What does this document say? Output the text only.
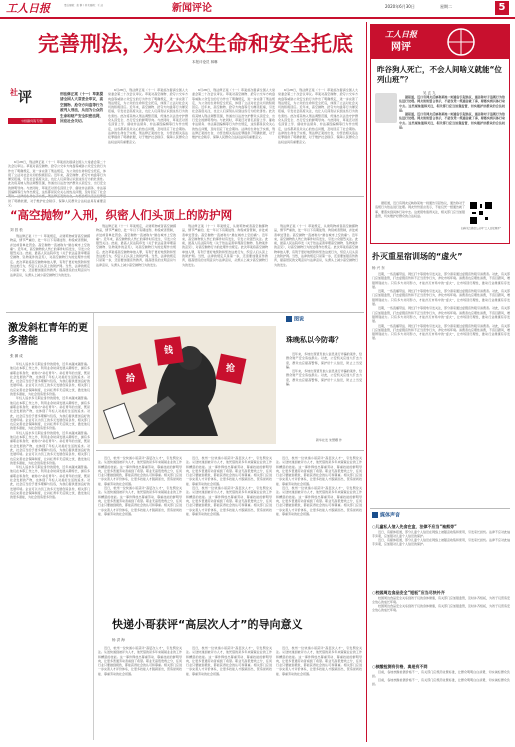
工人日报	责任编辑：张 翀 / 美术编辑：王 洁	新闻评论	2020年6月30日	星期二	5
完善刑法，为公众生命和安全托底
本报评论员 林琳
社 评
中国新闻有专题
刑法修正案（十一）草案提请全国人大常委会审议，高空抛物、抢夺方向盘等行为被列入刑法，从而为公众的生命和财产安全织密法网，回应社会关切。

6月28日，刑法修正案（十一）草案首次提请全国人大常委会第二十次会议审议。草案对高空抛物、抢夺公交车方向盘等威胁公众安全的行为作出了明确规定，进一步完善了刑法规定，为公众的生命和安全托底，体现了立法对社会关切的积极回应。近年来，高空抛物、抢夺方向盘等行为屡见报端，引发社会高度关注，也让人们深刻认识到这些行为的危害性。此次将其纳入刑法调整范围，传递出以法治守护群众头顶安全、出行安全的鲜明导向。与此同时，草案还对冒名顶替上学、催收非法债务、非法基因编辑等行为作出规定，这些都是民众关心的热点问题，及时回应了社会 供了明确依据，对于维护社会秩序、保障人民群众合法权益具有重要意义。

6月28日，刑法修正案（十一）草案首次提请全国人大常委会第二十次会议审议。草案对高空抛物、抢夺公交车方向盘等威胁公众安全的行为作出了明确规定，进一步完善了刑法规定，为公众的生命和安全托底，体现了立法对社会关切的积极回应。近年来，高空抛物、抢夺方向盘等行为屡见报端，引发社会高度关注，也让人们深刻认识到这些行为的危害性。此次将其纳入刑法调整范围，传递出以法治守护群众头顶安全、出行安全的鲜明导向。与此同时，草案还对冒名顶替上学、催收非法债务、非法基因编辑等行为作出规定，这些都是民众关心的热点问题，及时回应了社会期待。法律的生命在于实施，刑法修正案的出台，为惩治相关违法犯罪提供了明确依据，对于维护社会秩序、保障人民群众合法权益具有重要意义。

6月28日，刑法修正案（十一）草案首次提请全国人大常委会第二十次会议审议。草案对高空抛物、抢夺公交车方向盘等威胁公众安全的行为作出了明确规定，进一步完善了刑法规定，为公众的生命和安全托底，体现了立法对社会关切的积极回应。近年来，高空抛物、抢夺方向盘等行为屡见报端，引发社会高度关注，也让人们深刻认识到这些行为的危害性。此次将其纳入刑法调整范围，传递出以法治守护群众头顶安全、出行安全的鲜明导向。与此同时，草案还对冒名顶替上学、催收非法债务、非法基因编辑等行为作出规定，这些都是民众关心的热点问题，及时回应了社会期待。法律的生命在于实施，刑法修正案的出台，为惩治相关违法犯罪提供了明确依据，对于维护社会秩序、保障人民群众合法权益具有重要意义。

6月28日，刑法修正案（十一）草案首次提请全国人大常委会第二十次会议审议。草案对高空抛物、抢夺公交车方向盘等威胁公众安全的行为作出了明确规定，进一步完善了刑法规定，为公众的生命和安全托底，体现了立法对社会关切的积极回应。近年来，高空抛物、抢夺方向盘等行为屡见报端，引发社会高度关注，也让人们深刻认识到这些行为的危害性。此次将其纳入刑法调整范围，传递出以法治守护群众头顶安全、出行安全的鲜明导向。与此同时，草案还对冒名顶替上学、催收非法债务、非法基因编辑等行为作出规定，这些都是民众关心的热点问题，及时回应了社会期待。法律的生命在于实施，刑法修正案的出台，为惩治相关违法犯罪提供了明确依据，对于维护社会秩序、保障人民群众合法权益具有重要意义。

“高空抛物”入刑，织密人们头顶上的防护网
刘 昌 松

刑法修正案（十一）草案规定，从建筑物或者高空抛掷物品，情节严重的，处一年以下有期徒刑、拘役或者管制，并处或者单处罚金。高空抛物一直被称为“悬在城市上空的痛”。近年来，高空抛物致人伤亡的事件时有发生，引发公众强烈关注。此前，最高人民法院印发《关于依法妥善审理高空抛物、坠物案件的意见》，对高空抛物行为的处理作出规定。此次草案将高空抛物单独入罪，有利于更好地预防和惩治这类行为，织密人们头顶上的防护网。当然，法律的规定只是第一步，还需要加强宣传教育，提高居民的文明意识与法律意识，从源头上减少高空抛物行为的发生。

刑法修正案（十一）草案规定，从建筑物或者高空抛掷物品，情节严重的，处一年以下有期徒刑、拘役或者管制，并处或者单处罚金。高空抛物一直被称为“悬在城市上空的痛”。近年来，高空抛物致人伤亡的事件时有发生，引发公众强烈关注。此前，最高人民法院印发《关于依法妥善审理高空抛物、坠物案件的意见》，对高空抛物行为的处理作出规定。此次草案将高空抛物单独入罪，有利于更好地预防和惩治这类行为，织密人们头顶上的防护网。当然，法律的规定只是第一步，还需要加强宣传教育，提高居民的文明意识与法律意识，从源头上减少高空抛物行为的发生。

刑法修正案（十一）草案规定，从建筑物或者高空抛掷物品，情节严重的，处一年以下有期徒刑、拘役或者管制，并处或者单处罚金。高空抛物一直被称为“悬在城市上空的痛”。近年来，高空抛物致人伤亡的事件时有发生，引发公众强烈关注。此前，最高人民法院印发《关于依法妥善审理高空抛物、坠物案件的意见》，对高空抛物行为的处理作出规定。此次草案将高空抛物单独入罪，有利于更好地预防和惩治这类行为，织密人们头顶上的防护网。当然，法律的规定只是第一步，还需要加强宣传教育，提高居民的文明意识与法律意识，从源头上减少高空抛物行为的发生。

刑法修正案（十一）草案规定，从建筑物或者高空抛掷物品，情节严重的，处一年以下有期徒刑、拘役或者管制，并处或者单处罚金。高空抛物一直被称为“悬在城市上空的痛”。近年来，高空抛物致人伤亡的事件时有发生，引发公众强烈关注。此前，最高人民法院印发《关于依法妥善审理高空抛物、坠物案件的意见》，对高空抛物行为的处理作出规定。此次草案将高空抛物单独入罪，有利于更好地预防和惩治这类行为，织密人们头顶上的防护网。当然，法律的规定只是第一步，还需要加强宣传教育，提高居民的文明意识与法律意识，从源头上减少高空抛物行为的发生。

激发斜杠青年的更多潜能
张 渊 成

年轻人追求多元职业身份的现象，近年来越来越普遍。他们在本职工作之外，利用业余时间发展兴趣特长，拥有多重职业和身份，被称为“斜杠青年”。斜杠青年的出现，既是社会发展的产物，也体现了年轻人对美好生活的追求。对此，社会应当给予更多理解与包容，为他们提供更加良好的发展环境。企业可以为员工的多元发展创造条件，相关部门也应完善社会保障制度，让斜杠青年无后顾之忧，激发他们的更多潜能，为社会创造更多价值。

年轻人追求多元职业身份的现象，近年来越来越普遍。他们在本职工作之外，利用业余时间发展兴趣特长，拥有多重职业和身份，被称为“斜杠青年”。斜杠青年的出现，既是社会发展的产物，也体现了年轻人对美好生活的追求。对此，社会应当给予更多理解与包容，为他们提供更加良好的发展环境。企业可以为员工的多元发展创造条件，相关部门也应完善社会保障制度，让斜杠青年无后顾之忧，激发他们的更多潜能，为社会创造更多价值。

年轻人追求多元职业身份的现象，近年来越来越普遍。他们在本职工作之外，利用业余时间发展兴趣特长，拥有多重职业和身份，被称为“斜杠青年”。斜杠青年的出现，既是社会发展的产物，也体现了年轻人对美好生活的追求。对此，社会应当给予更多理解与包容，为他们提供更加良好的发展环境。企业可以为员工的多元发展创造条件，相关部门也应完善社会保障制度，让斜杠青年无后顾之忧，激发他们的更多潜能，为社会创造更多价值。

年轻人追求多元职业身份的现象，近年来越来越普遍。他们在本职工作之外，利用业余时间发展兴趣特长，拥有多重职业和身份，被称为“斜杠青年”。斜杠青年的出现，既是社会发展的产物，也体现了年轻人对美好生活的追求。对此，社会应当给予更多理解与包容，为他们提供更加良好的发展环境。企业可以为员工的多元发展创造条件，相关部门也应完善社会保障制度，让斜杠青年无后顾之忧，激发他们的更多潜能，为社会创造更多价值。

图说
拾
钱
抢
珠晚私以今防毒？

近年来，多地出现冒充他人信息进行诈骗的案件，给群众财产安全造成损失。对此，公安机关应加大打击力度，群众也应提高警惕，保护好个人信息，防止上当受骗。

近年来，多地出现冒充他人信息进行诈骗的案件，给群众财产安全造成损失。对此，公安机关应加大打击力度，群众也应提高警惕，保护好个人信息，防止上当受骗。

新华社发 朱慧卿 作
快递小哥获评“高层次人才”的导向意义
杨 洪 海

近日，杭州一位快递小哥获评“高层次人才”，引发舆论关注。从送快递到被评为人才，他凭借的是多年来兢兢业业的工作和精湛的技能。这一事件释放出尊重劳动、尊重技能的鲜明导向，让更多普通劳动者看到了希望。职业无高低贵贱之分，任何行业只要做到极致，都能获得社会的认可和尊重。相关部门应进一步完善人才评价体系，让更多技能人才脱颖而出，营造崇尚技能、尊重劳动的社会氛围。

近日，杭州一位快递小哥获评“高层次人才”，引发舆论关注。从送快递到被评为人才，他凭借的是多年来兢兢业业的工作和精湛的技能。这一事件释放出尊重劳动、尊重技能的鲜明导向，让更多普通劳动者看到了希望。职业无高低贵贱之分，任何行业只要做到极致，都能获得社会的认可和尊重。相关部门应进一步完善人才评价体系，让更多技能人才脱颖而出，营造崇尚技能、尊重劳动的社会氛围。

近日，杭州一位快递小哥获评“高层次人才”，引发舆论关注。从送快递到被评为人才，他凭借的是多年来兢兢业业的工作和精湛的技能。这一事件释放出尊重劳动、尊重技能的鲜明导向，让更多普通劳动者看到了希望。职业无高低贵贱之分，任何行业只要做到极致，都能获得社会的认可和尊重。相关部门应进一步完善人才评价体系，让更多技能人才脱颖而出，营造崇尚技能、尊重劳动的社会氛围。

近日，杭州一位快递小哥获评“高层次人才”，引发舆论关注。从送快递到被评为人才，他凭借的是多年来兢兢业业的工作和精湛的技能。这一事件释放出尊重劳动、尊重技能的鲜明导向，让更多普通劳动者看到了希望。职业无高低贵贱之分，任何行业只要做到极致，都能获得社会的认可和尊重。相关部门应进一步完善人才评价体系，让更多技能人才脱颖而出，营造崇尚技能、尊重劳动的社会氛围。

近日，杭州一位快递小哥获评“高层次人才”，引发舆论关注。从送快递到被评为人才，他凭借的是多年来兢兢业业的工作和精湛的技能。这一事件释放出尊重劳动、尊重技能的鲜明导向，让更多普通劳动者看到了希望。职业无高低贵贱之分，任何行业只要做到极致，都能获得社会的认可和尊重。相关部门应进一步完善人才评价体系，让更多技能人才脱颖而出，营造崇尚技能、尊重劳动的社会氛围。

近日，杭州一位快递小哥获评“高层次人才”，引发舆论关注。从送快递到被评为人才，他凭借的是多年来兢兢业业的工作和精湛的技能。这一事件释放出尊重劳动、尊重技能的鲜明导向，让更多普通劳动者看到了希望。职业无高低贵贱之分，任何行业只要做到极致，都能获得社会的认可和尊重。相关部门应进一步完善人才评价体系，让更多技能人才脱颖而出，营造崇尚技能、尊重劳动的社会氛围。

近日，杭州一位快递小哥获评“高层次人才”，引发舆论关注。从送快递到被评为人才，他凭借的是多年来兢兢业业的工作和精湛的技能。这一事件释放出尊重劳动、尊重技能的鲜明导向，让更多普通劳动者看到了希望。职业无高低贵贱之分，任何行业只要做到极致，都能获得社会的认可和尊重。相关部门应进一步完善人才评价体系，让更多技能人才脱颖而出，营造崇尚技能、尊重劳动的社会氛围。

近日，杭州一位快递小哥获评“高层次人才”，引发舆论关注。从送快递到被评为人才，他凭借的是多年来兢兢业业的工作和精湛的技能。这一事件释放出尊重劳动、尊重技能的鲜明导向，让更多普通劳动者看到了希望。职业无高低贵贱之分，任何行业只要做到极致，都能获得社会的认可和尊重。相关部门应进一步完善人才评价体系，让更多技能人才脱颖而出，营造崇尚技能、尊重劳动的社会氛围。

近日，杭州一位快递小哥获评“高层次人才”，引发舆论关注。从送快递到被评为人才，他凭借的是多年来兢兢业业的工作和精湛的技能。这一事件释放出尊重劳动、尊重技能的鲜明导向，让更多普通劳动者看到了希望。职业无高低贵贱之分，任何行业只要做到极致，都能获得社会的认可和尊重。相关部门应进一步完善人才评价体系，让更多技能人才脱颖而出，营造崇尚技能、尊重劳动的社会氛围。

工人日报
网评
昨谷狗人死亡，不会人间啥义就能“位列山班”？
吴 玄 九

据报道，近日有网友反映称某地一则通告引起热议，通告称对于违规行为依法进行处理。网友纷纷留言表示，不能仅凭一纸通告就了事，要落实到具体行动中去。这类现象值得关注，相关部门应当加强监管，切实维护好群众的合法权益。

据报道，近日有网友反映称某地一则通告引起热议，通告称对于违规行为依法进行处理。网友纷纷留言表示，不能仅凭一纸通告就了事，要落实到具体行动中去。这类现象值得关注，相关部门应当加强监管，切实维护好群众的合法权益。

据报道，近日有网友反映称某地一则通告引起热议，通告称对于违规行为依法进行处理。网友纷纷留言表示，不能仅凭一纸通告就了事，要落实到具体行动中去。这类现象值得关注，相关部门应当加强监管，切实维护好群众的合法权益。

扫码关注微信公众号“工人日报网评”
扑灭重星宿训场的“虚火”
杨 兴 东

近期，一些直播带货、网红打卡等现象引发关注，部分商家通过虚假宣传吸引消费者。对此，有关部门应加强监管，打击虚假宣传和不正当竞争行为，净化市场环境。消费者也应理性消费，不盲目跟风，增强辨别能力。只有多方共同努力，才能扑灭市场中的“虚火”，让市场回归理性，推动行业健康有序发展。

近期，一些直播带货、网红打卡等现象引发关注，部分商家通过虚假宣传吸引消费者。对此，有关部门应加强监管，打击虚假宣传和不正当竞争行为，净化市场环境。消费者也应理性消费，不盲目跟风，增强辨别能力。只有多方共同努力，才能扑灭市场中的“虚火”，让市场回归理性，推动行业健康有序发展。

近期，一些直播带货、网红打卡等现象引发关注，部分商家通过虚假宣传吸引消费者。对此，有关部门应加强监管，打击虚假宣传和不正当竞争行为，净化市场环境。消费者也应理性消费，不盲目跟风，增强辨别能力。只有多方共同努力，才能扑灭市场中的“虚火”，让市场回归理性，推动行业健康有序发展。

近期，一些直播带货、网红打卡等现象引发关注，部分商家通过虚假宣传吸引消费者。对此，有关部门应加强监管，打击虚假宣传和不正当竞争行为，净化市场环境。消费者也应理性消费，不盲目跟风，增强辨别能力。只有多方共同努力，才能扑灭市场中的“虚火”，让市场回归理性，推动行业健康有序发展。

媒体声音
○儿童私人信入先食在盒，法律不应当“袖熊旁”

近日，有媒体报道，部分儿童个人信息在网络上被随意收集和使用，引发家长担忧。法律不应对此袖手旁观，应加强对儿童个人信息的保护。

近日，有媒体报道，部分儿童个人信息在网络上被随意收集和使用，引发家长担忧。法律不应对此袖手旁观，应加强对儿童个人信息的保护。

○校园周边食品安全“短板”应当尽快补齐

校园周边食品安全关系到孩子们的身体健康，有关部门应加强监管，及时补齐短板，为孩子们营造安全放心的成长环境。

校园周边食品安全关系到孩子们的身体健康，有关部门应加强监管，及时补齐短板，为孩子们营造安全放心的成长环境。

○核酸检测有价格，真是有不同

目前，各地核酸检测价格不一，有关部门应规范收费标准，让群众明明白白消费，切实减轻群众负担。

目前，各地核酸检测价格不一，有关部门应规范收费标准，让群众明明白白消费，切实减轻群众负担。
